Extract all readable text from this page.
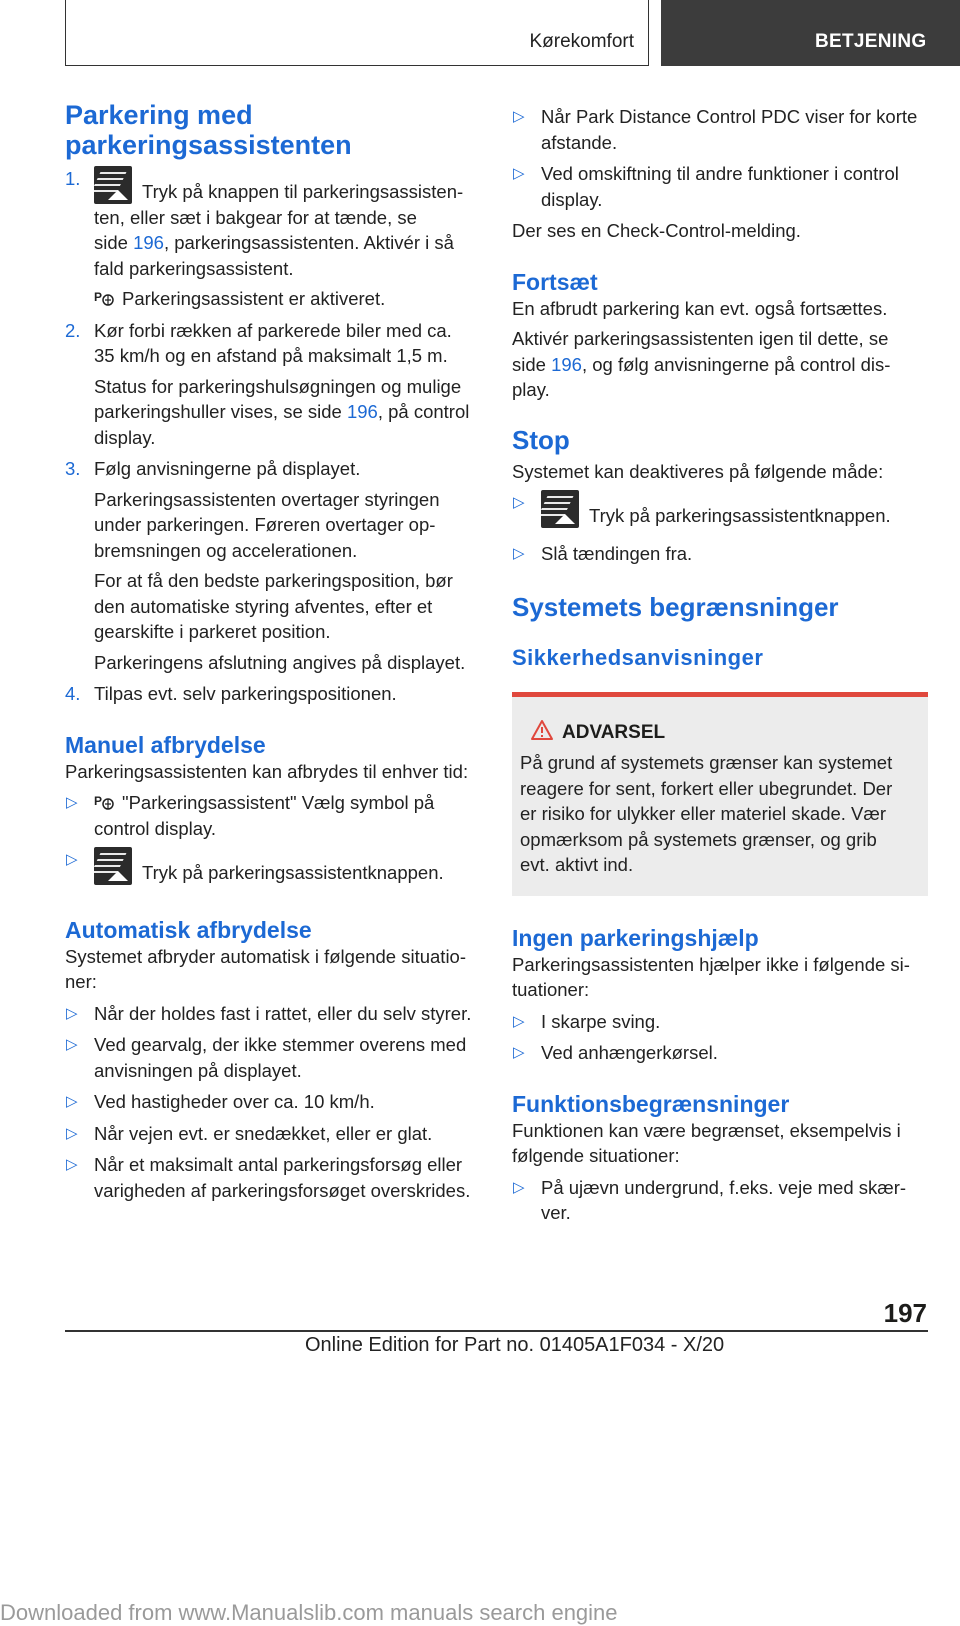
Kørekomfort	BETJENING
Parkering med
parkeringsassistenten
1.
Tryk på knappen til parkeringsassisten-
ten, eller sæt i bakgear for at tænde, se
side 196, parkeringsassistenten. Aktivér i så
fald parkeringsassistent.
P Parkeringsassistent er aktiveret.
2. Kør forbi rækken af parkerede biler med ca.
35 km/h og en afstand på maksimalt 1,5 m.
Status for parkeringshulsøgningen og mulige
parkeringshuller vises, se side 196, på control
display.
3. Følg anvisningerne på displayet.
Parkeringsassistenten overtager styringen
under parkeringen. Føreren overtager op-
bremsningen og accelerationen.
For at få den bedste parkeringsposition, bør
den automatiske styring afventes, efter et
gearskifte i parkeret position.
Parkeringens afslutning angives på displayet.
4. Tilpas evt. selv parkeringspositionen.
Manuel afbrydelse

Parkeringsassistenten kan afbrydes til enhver tid:

▷ P "Parkeringsassistent" Vælg symbol på
control display.
▷
Tryk på parkeringsassistentknappen.
Automatisk afbrydelse

Systemet afbryder automatisk i følgende situatio-

ner:

▷ Når der holdes fast i rattet, eller du selv styrer.
▷ Ved gearvalg, der ikke stemmer overens med
anvisningen på displayet.
▷ Ved hastigheder over ca. 10 km/h.
▷ Når vejen evt. er snedækket, eller er glat.
▷ Når et maksimalt antal parkeringsforsøg eller
varigheden af parkeringsforsøget overskrides.
▷ Når Park Distance Control PDC viser for korte
afstande.
▷ Ved omskiftning til andre funktioner i control
display.

Der ses en Check-Control-melding.

Fortsæt

En afbrudt parkering kan evt. også fortsættes.

Aktivér parkeringsassistenten igen til dette, se

side 196, og følg anvisningerne på control dis-

play.

Stop

Systemet kan deaktiveres på følgende måde:

▷
Tryk på parkeringsassistentknappen.
▷ Slå tændingen fra.
Systemets begrænsninger
Sikkerhedsanvisninger
ADVARSEL

På grund af systemets grænser kan systemet

reagere for sent, forkert eller ubegrundet. Der

er risiko for ulykker eller materiel skade. Vær

opmærksom på systemets grænser, og grib

evt. aktivt ind.

Ingen parkeringshjælp

Parkeringsassistenten hjælper ikke i følgende si-

tuationer:

▷ I skarpe sving.
▷ Ved anhængerkørsel.
Funktionsbegrænsninger

Funktionen kan være begrænset, eksempelvis i

følgende situationer:

▷ På ujævn undergrund, f.eks. veje med skær-
ver.
197
Online Edition for Part no. 01405A1F034 - X/20
Downloaded from www.Manualslib.com manuals search engine
